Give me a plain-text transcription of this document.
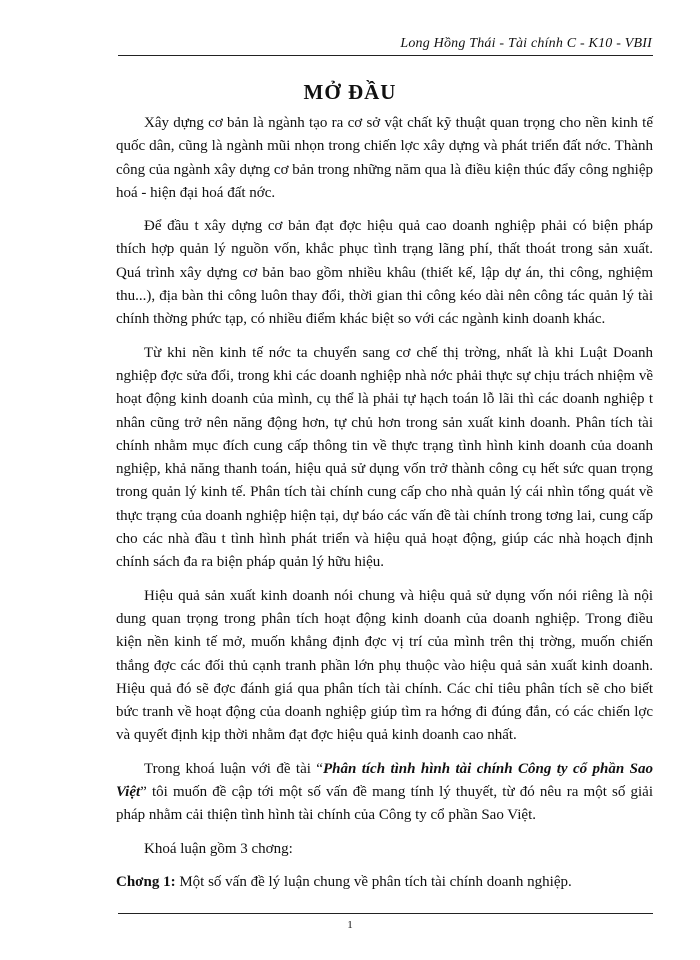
Long Hồng Thái - Tài chính C - K10 - VBII
MỞ ĐẦU

Xây dựng cơ bản là ngành tạo ra cơ sở vật chất kỹ thuật quan trọng cho nền kinh tế quốc dân, cũng là ngành mũi nhọn trong chiến lợc xây dựng và phát triển đất nớc. Thành công của ngành xây dựng cơ bản trong những năm qua là điều kiện thúc đẩy công nghiệp hoá - hiện đại hoá đất nớc.

Để đầu t xây dựng cơ bản đạt đợc hiệu quả cao doanh nghiệp phải có biện pháp thích hợp quản lý nguồn vốn, khắc phục tình trạng lãng phí, thất thoát trong sản xuất. Quá trình xây dựng cơ bản bao gồm nhiều khâu (thiết kế, lập dự án, thi công, nghiệm thu...), địa bàn thi công luôn thay đổi, thời gian thi công kéo dài nên công tác quản lý tài chính thờng phức tạp, có nhiều điểm khác biệt so với các ngành kinh doanh khác.

Từ khi nền kinh tế nớc ta chuyển sang cơ chế thị trờng, nhất là khi Luật Doanh nghiệp đợc sửa đổi, trong khi các doanh nghiệp nhà nớc phải thực sự chịu trách nhiệm về hoạt động kinh doanh của mình, cụ thể là phải tự hạch toán lỗ lãi thì các doanh nghiệp t nhân cũng trở nên năng động hơn, tự chủ hơn trong sản xuất kinh doanh. Phân tích tài chính nhằm mục đích cung cấp thông tin về thực trạng tình hình kinh doanh của doanh nghiệp, khả năng thanh toán, hiệu quả sử dụng vốn trở thành công cụ hết sức quan trọng trong quản lý kinh tế. Phân tích tài chính cung cấp cho nhà quản lý cái nhìn tổng quát về thực trạng của doanh nghiệp hiện tại, dự báo các vấn đề tài chính trong tơng lai, cung cấp cho các nhà đầu t tình hình phát triển và hiệu quả hoạt động, giúp các nhà hoạch định chính sách đa ra biện pháp quản lý hữu hiệu.

Hiệu quả sản xuất kinh doanh nói chung và hiệu quả sử dụng vốn nói riêng là nội dung quan trọng trong phân tích hoạt động kinh doanh của doanh nghiệp. Trong điều kiện nền kinh tế mở, muốn khẳng định đợc vị trí của mình trên thị trờng, muốn chiến thắng đợc các đối thủ cạnh tranh phần lớn phụ thuộc vào hiệu quả sản xuất kinh doanh. Hiệu quả đó sẽ đợc đánh giá qua phân tích tài chính. Các chỉ tiêu phân tích sẽ cho biết bức tranh về hoạt động của doanh nghiệp giúp tìm ra hớng đi đúng đắn, có các chiến lợc và quyết định kịp thời nhằm đạt đợc hiệu quả kinh doanh cao nhất.

Trong khoá luận với đề tài “Phân tích tình hình tài chính Công ty cổ phần Sao Việt” tôi muốn đề cập tới một số vấn đề mang tính lý thuyết, từ đó nêu ra một số giải pháp nhằm cải thiện tình hình tài chính của Công ty cổ phần Sao Việt.

Khoá luận gồm 3 chơng:

Chơng 1: Một số vấn đề lý luận chung về phân tích tài chính doanh nghiệp.

1
